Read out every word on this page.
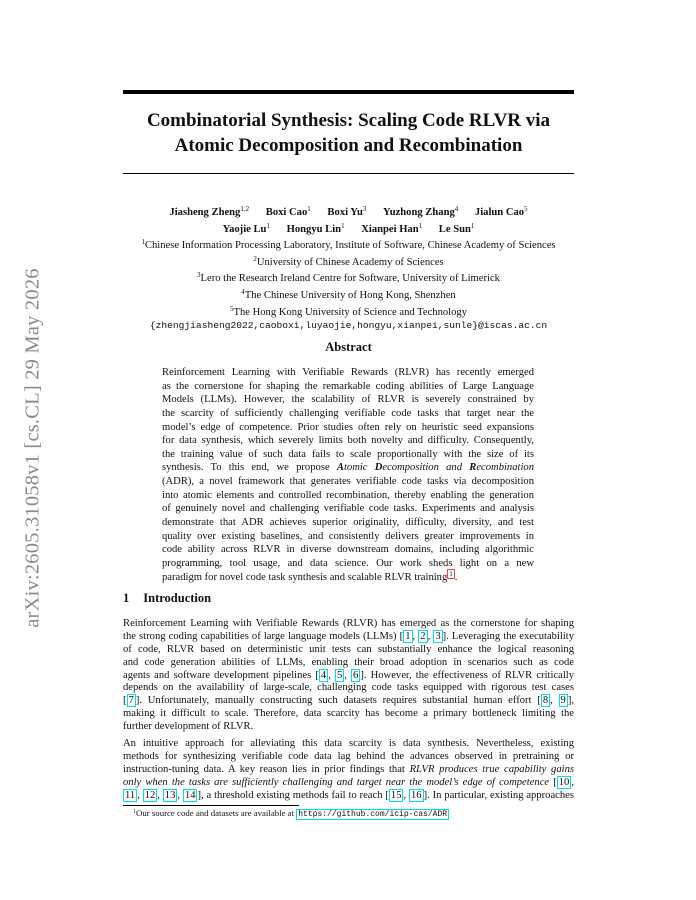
arXiv:2605.31058v1 [cs.CL] 29 May 2026
Combinatorial Synthesis: Scaling Code RLVR via
Atomic Decomposition and Recombination
Jiasheng Zheng$^{1,2}$ Boxi Cao$^1$ Boxi Yu$^3$ Yuzhong Zhang$^4$ Jialun Cao$^5$
Yaojie Lu$^1$ Hongyu Lin$^1$ Xianpei Han$^1$ Le Sun$^1$
$^1$Chinese Information Processing Laboratory, Institute of Software, Chinese Academy of Sciences
$^2$University of Chinese Academy of Sciences
$^3$Lero the Research Ireland Centre for Software, University of Limerick
$^4$The Chinese University of Hong Kong, Shenzhen
$^5$The Hong Kong University of Science and Technology
{zhengjiasheng2022,caoboxi,luyaojie,hongyu,xianpei,sunle}@iscas.ac.cn
Abstract
Reinforcement Learning with Verifiable Rewards (RLVR) has recently emerged
as the cornerstone for shaping the remarkable coding abilities of Large Language
Models (LLMs). However, the scalability of RLVR is severely constrained by
the scarcity of sufficiently challenging verifiable code tasks that target near the
model’s edge of competence. Prior studies often rely on heuristic seed expansions
for data synthesis, which severely limits both novelty and difficulty. Consequently,
the training value of such data fails to scale proportionally with the size of its
synthesis. To this end, we propose Atomic Decomposition and Recombination
(ADR), a novel framework that generates verifiable code tasks via decomposition
into atomic elements and controlled recombination, thereby enabling the generation
of genuinely novel and challenging verifiable code tasks. Experiments and analysis
demonstrate that ADR achieves superior originality, difficulty, diversity, and test
quality over existing baselines, and consistently delivers greater improvements in
code ability across RLVR in diverse downstream domains, including algorithmic
programming, tool usage, and data science. Our work sheds light on a new
paradigm for novel code task synthesis and scalable RLVR training $^1$ .
1 Introduction
Reinforcement Learning with Verifiable Rewards (RLVR) has emerged as the cornerstone for shaping
the strong coding capabilities of large language models (LLMs) [ 1 , 2 , 3 ]. Leveraging the executability
of code, RLVR based on deterministic unit tests can substantially enhance the logical reasoning
and code generation abilities of LLMs, enabling their broad adoption in scenarios such as code
agents and software development pipelines [ 4 , 5 , 6 ]. However, the effectiveness of RLVR critically
depends on the availability of large-scale, challenging code tasks equipped with rigorous test cases
[ 7 ]. Unfortunately, manually constructing such datasets requires substantial human effort [ 8 , 9 ],
making it difficult to scale. Therefore, data scarcity has become a primary bottleneck limiting the
further development of RLVR.
An intuitive approach for alleviating this data scarcity is data synthesis. Nevertheless, existing
methods for synthesizing verifiable code data lag behind the advances observed in pretraining or
instruction-tuning data. A key reason lies in prior findings that RLVR produces true capability gains
only when the tasks are sufficiently challenging and target near the model’s edge of competence [ 10 ,
11 , 12 , 13 , 14 ], a threshold existing methods fail to reach [ 15 , 16 ]. In particular, existing approaches
$^1$Our source code and datasets are available at https://github.com/icip-cas/ADR
